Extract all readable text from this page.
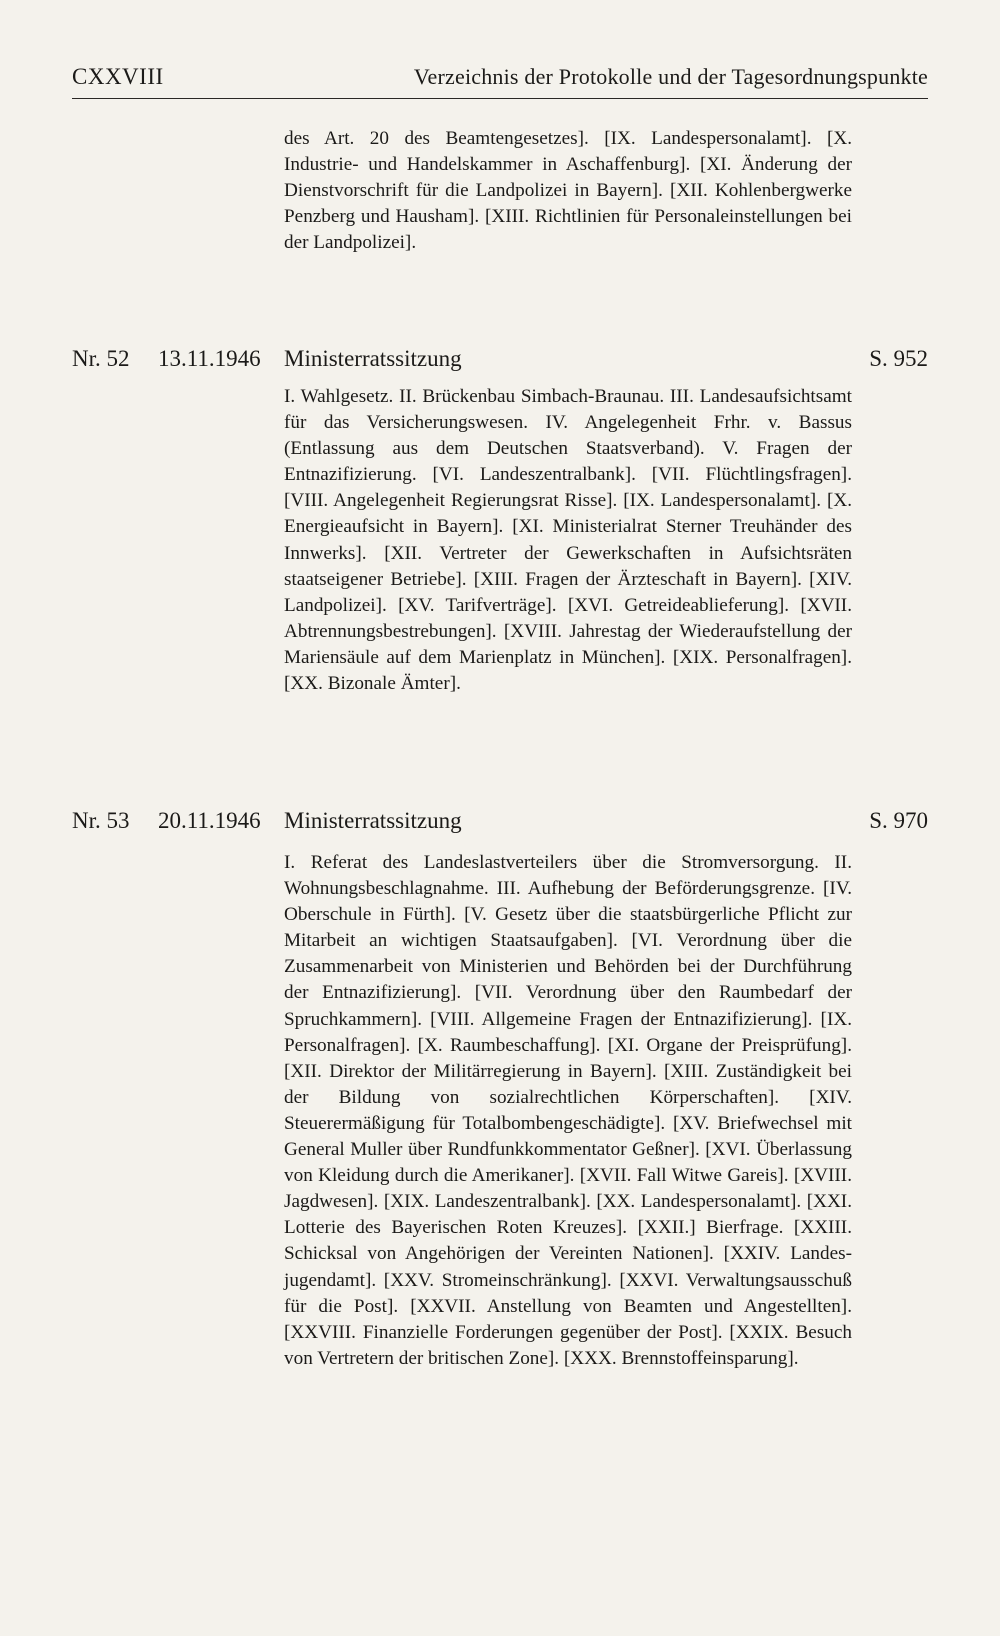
CXXVIII	Verzeichnis der Protokolle und der Tagesordnungspunkte
des Art. 20 des Beamtengesetzes]. [IX. Landespersonalamt]. [X. Industrie- und Handelskammer in Aschaffenburg]. [XI. Änderung der Dienstvorschrift für die Landpolizei in Bayern]. [XII. Kohlenbergwerke Penzberg und Hausham]. [XIII. Richtlinien für Personaleinstellungen bei der Landpolizei].
Nr. 52	13.11.1946	Ministerratssitzung	S. 952
I. Wahlgesetz. II. Brückenbau Simbach-Braunau. III. Landesaufsichtsamt für das Versicherungswesen. IV. Angelegenheit Frhr. v. Bassus (Entlassung aus dem Deutschen Staatsverband). V. Fragen der Entnazifizierung. [VI. Landeszentralbank]. [VII. Flüchtlingsfragen]. [VIII. Angelegenheit Regierungsrat Risse]. [IX. Landespersonalamt]. [X. Energieaufsicht in Bayern]. [XI. Ministerialrat Sterner Treuhänder des Innwerks]. [XII. Vertreter der Gewerkschaften in Aufsichtsräten staatseigener Betriebe]. [XIII. Fragen der Ärzteschaft in Bayern]. [XIV. Landpolizei]. [XV. Tarifverträge]. [XVI. Getreideablieferung]. [XVII. Abtrennungsbestrebungen]. [XVIII. Jahrestag der Wiederaufstellung der Mariensäule auf dem Marienplatz in München]. [XIX. Personalfragen]. [XX. Bizonale Ämter].
Nr. 53	20.11.1946	Ministerratssitzung	S. 970
I. Referat des Landeslastverteilers über die Stromversorgung. II. Wohnungsbeschlagnahme. III. Aufhebung der Beförderungsgrenze. [IV. Oberschule in Fürth]. [V. Gesetz über die staatsbürgerliche Pflicht zur Mitarbeit an wichtigen Staatsaufgaben]. [VI. Verordnung über die Zusammenarbeit von Ministerien und Behörden bei der Durchführung der Entnazifizierung]. [VII. Verordnung über den Raumbedarf der Spruchkammern]. [VIII. Allgemeine Fragen der Entnazifizierung]. [IX. Personalfragen]. [X. Raumbeschaffung]. [XI. Organe der Preisprüfung]. [XII. Direktor der Militärregierung in Bayern]. [XIII. Zuständigkeit bei der Bildung von sozialrechtlichen Körperschaften]. [XIV. Steuerermäßigung für Totalbombengeschädigte]. [XV. Briefwechsel mit General Muller über Rundfunkkommentator Geßner]. [XVI. Überlassung von Kleidung durch die Amerikaner]. [XVII. Fall Witwe Gareis]. [XVIII. Jagdwesen]. [XIX. Landeszentralbank]. [XX. Landespersonalamt]. [XXI. Lotterie des Bayerischen Roten Kreuzes]. [XXII.] Bierfrage. [XXIII. Schicksal von Angehörigen der Vereinten Nationen]. [XXIV. Landesjugendamt]. [XXV. Stromeinschränkung]. [XXVI. Verwaltungsausschuß für die Post]. [XXVII. Anstellung von Beamten und Angestellten]. [XXVIII. Finanzielle Forderungen gegenüber der Post]. [XXIX. Besuch von Vertretern der britischen Zone]. [XXX. Brennstoffeinsparung].
